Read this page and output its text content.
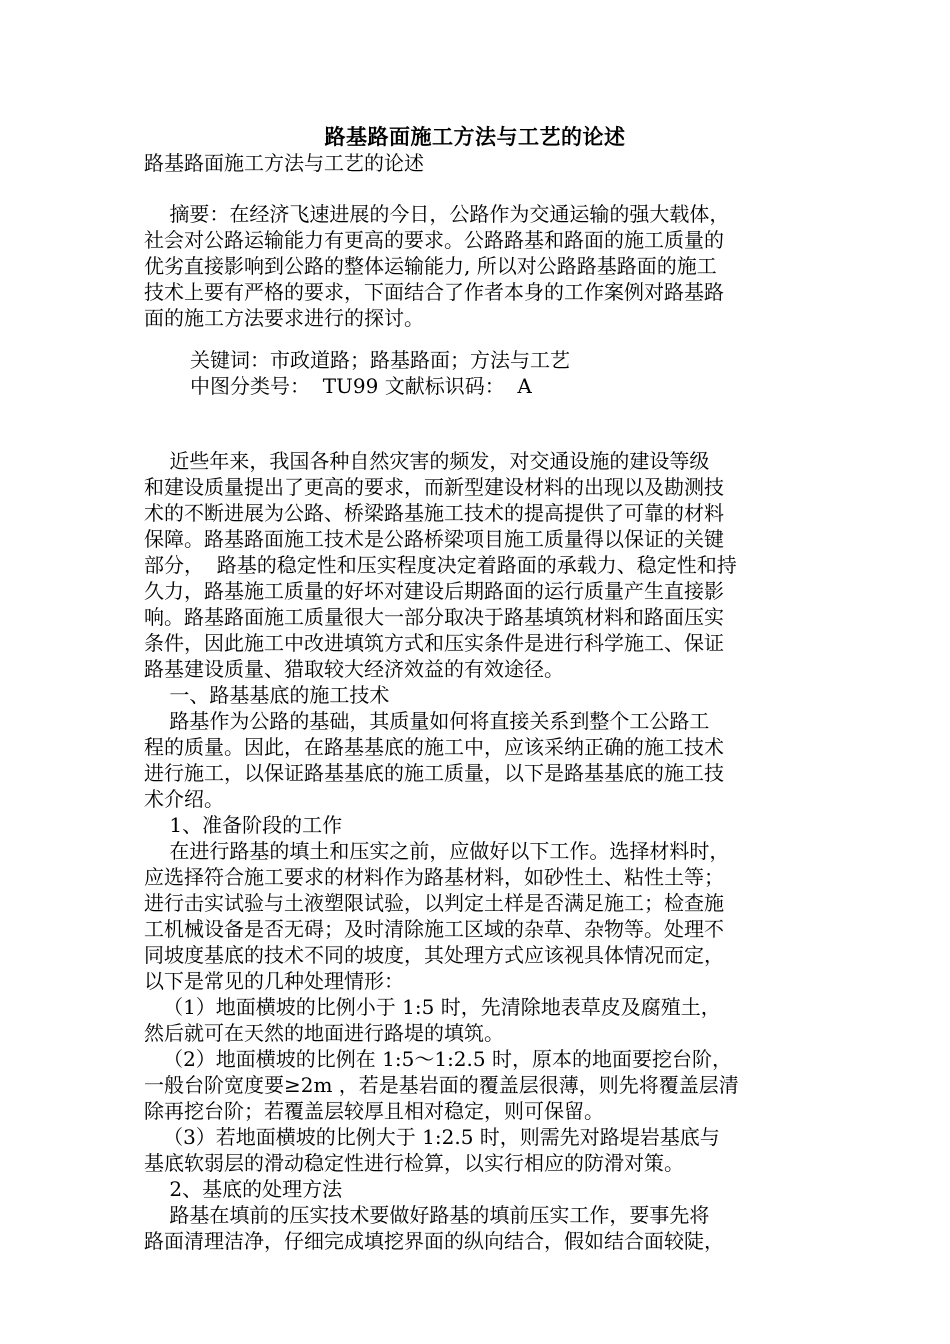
路基路面施工方法与工艺的论述
路基路面施工方法与工艺的论述
摘要：在经济飞速进展的今日，公路作为交通运输的强大载体，
社会对公路运输能力有更高的要求。公路路基和路面的施工质量的
优劣直接影响到公路的整体运输能力, 所以对公路路基路面的施工
技术上要有严格的要求，下面结合了作者本身的工作案例对路基路
面的施工方法要求进行的探讨。
关键词：市政道路；路基路面；方法与工艺
中图分类号：  TU99 文献标识码：  A
近些年来，我国各种自然灾害的频发，对交通设施的建设等级
和建设质量提出了更高的要求，而新型建设材料的出现以及勘测技
术的不断进展为公路、桥梁路基施工技术的提高提供了可靠的材料
保障。路基路面施工技术是公路桥梁项目施工质量得以保证的关键
部分，  路基的稳定性和压实程度决定着路面的承载力、稳定性和持
久力，路基施工质量的好坏对建设后期路面的运行质量产生直接影
响。路基路面施工质量很大一部分取决于路基填筑材料和路面压实
条件，因此施工中改进填筑方式和压实条件是进行科学施工、保证
路基建设质量、猎取较大经济效益的有效途径。
一、路基基底的施工技术
路基作为公路的基础，其质量如何将直接关系到整个工公路工
程的质量。因此，在路基基底的施工中，应该采纳正确的施工技术
进行施工，以保证路基基底的施工质量，以下是路基基底的施工技
术介绍。
1、准备阶段的工作
在进行路基的填土和压实之前，应做好以下工作。选择材料时，
应选择符合施工要求的材料作为路基材料，如砂性土、粘性土等；
进行击实试验与土液塑限试验，以判定土样是否满足施工；检查施
工机械设备是否无碍；及时清除施工区域的杂草、杂物等。处理不
同坡度基底的技术不同的坡度，其处理方式应该视具体情况而定，
以下是常见的几种处理情形：
（1）地面横坡的比例小于 1:5 时，先清除地表草皮及腐殖土，
然后就可在天然的地面进行路堤的填筑。
（2）地面横坡的比例在 1:5～1:2.5 时，原本的地面要挖台阶，
一般台阶宽度要≥2m ，若是基岩面的覆盖层很薄，则先将覆盖层清
除再挖台阶；若覆盖层较厚且相对稳定，则可保留。
（3）若地面横坡的比例大于 1:2.5 时，则需先对路堤岩基底与
基底软弱层的滑动稳定性进行检算，以实行相应的防滑对策。
2、基底的处理方法
路基在填前的压实技术要做好路基的填前压实工作，要事先将
路面清理洁净，仔细完成填挖界面的纵向结合，假如结合面较陡，
